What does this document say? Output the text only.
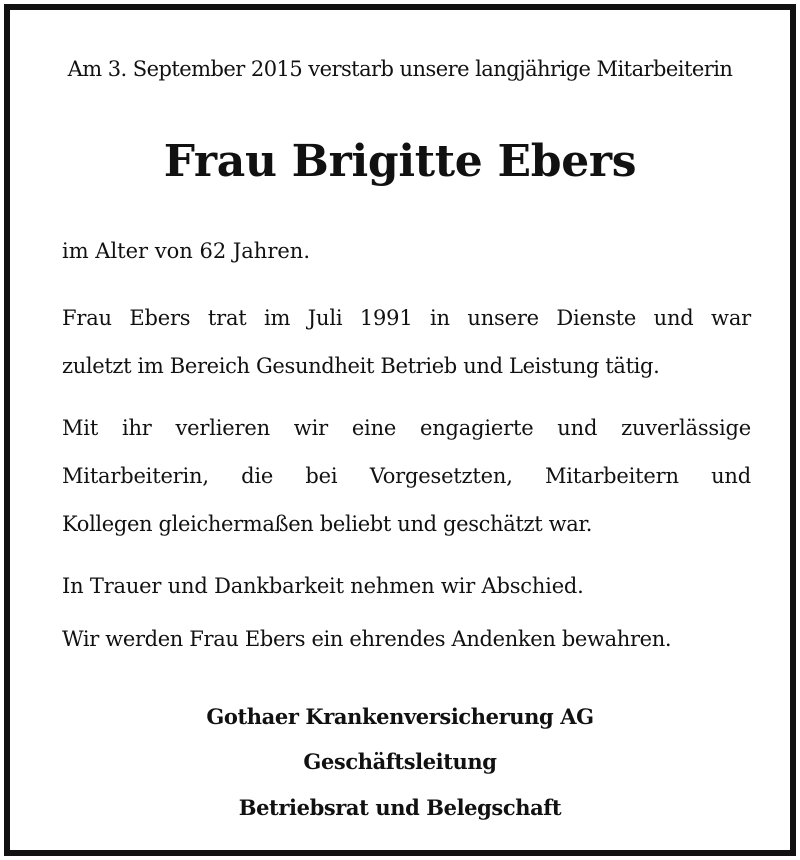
Am 3. September 2015 verstarb unsere langjährige Mitarbeiterin
Frau Brigitte Ebers
im Alter von 62 Jahren.
Frau Ebers trat im Juli 1991 in unsere Dienste und war
zuletzt im Bereich Gesundheit Betrieb und Leistung tätig.
Mit ihr verlieren wir eine engagierte und zuverlässige
Mitarbeiterin, die bei Vorgesetzten, Mitarbeitern und
Kollegen gleichermaßen beliebt und geschätzt war.
In Trauer und Dankbarkeit nehmen wir Abschied.
Wir werden Frau Ebers ein ehrendes Andenken bewahren.
Gothaer Krankenversicherung AG
Geschäftsleitung
Betriebsrat und Belegschaft
